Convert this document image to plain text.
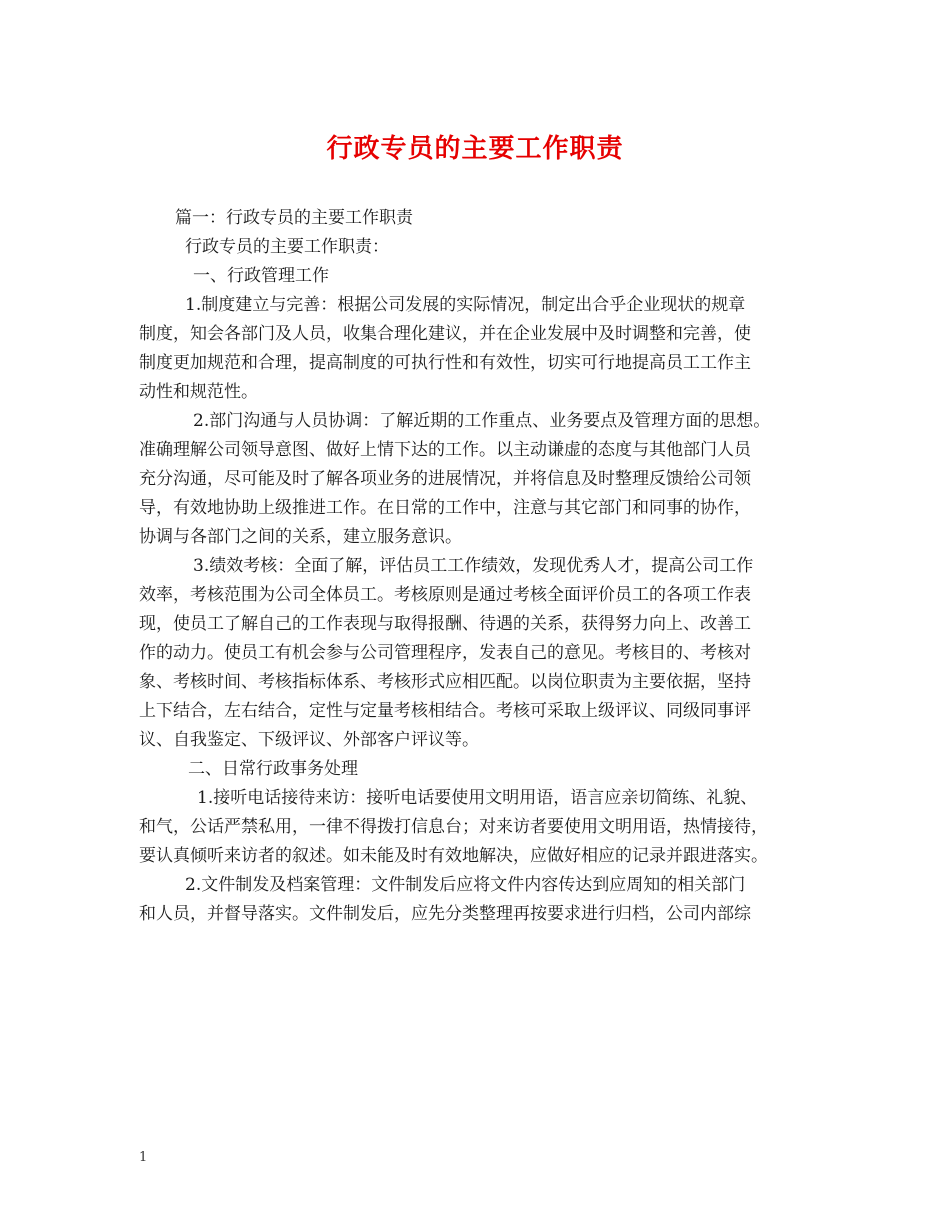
行政专员的主要工作职责

篇一：行政专员的主要工作职责

行政专员的主要工作职责：

一、行政管理工作

1.制度建立与完善：根据公司发展的实际情况，制定出合乎企业现状的规章

制度，知会各部门及人员，收集合理化建议，并在企业发展中及时调整和完善，使

制度更加规范和合理，提高制度的可执行性和有效性，切实可行地提高员工工作主

动性和规范性。

2.部门沟通与人员协调：了解近期的工作重点、业务要点及管理方面的思想。

准确理解公司领导意图、做好上情下达的工作。以主动谦虚的态度与其他部门人员

充分沟通，尽可能及时了解各项业务的进展情况，并将信息及时整理反馈给公司领

导，有效地协助上级推进工作。在日常的工作中，注意与其它部门和同事的协作，

协调与各部门之间的关系，建立服务意识。

3.绩效考核：全面了解，评估员工工作绩效，发现优秀人才，提高公司工作

效率，考核范围为公司全体员工。考核原则是通过考核全面评价员工的各项工作表

现，使员工了解自己的工作表现与取得报酬、待遇的关系，获得努力向上、改善工

作的动力。使员工有机会参与公司管理程序，发表自己的意见。考核目的、考核对

象、考核时间、考核指标体系、考核形式应相匹配。以岗位职责为主要依据，坚持

上下结合，左右结合，定性与定量考核相结合。考核可采取上级评议、同级同事评

议、自我鉴定、下级评议、外部客户评议等。

二、日常行政事务处理

1.接听电话接待来访：接听电话要使用文明用语，语言应亲切简练、礼貌、

和气，公话严禁私用，一律不得拨打信息台；对来访者要使用文明用语，热情接待，

要认真倾听来访者的叙述。如未能及时有效地解决，应做好相应的记录并跟进落实。

2.文件制发及档案管理：文件制发后应将文件内容传达到应周知的相关部门

和人员，并督导落实。文件制发后，应先分类整理再按要求进行归档，公司内部综

1
